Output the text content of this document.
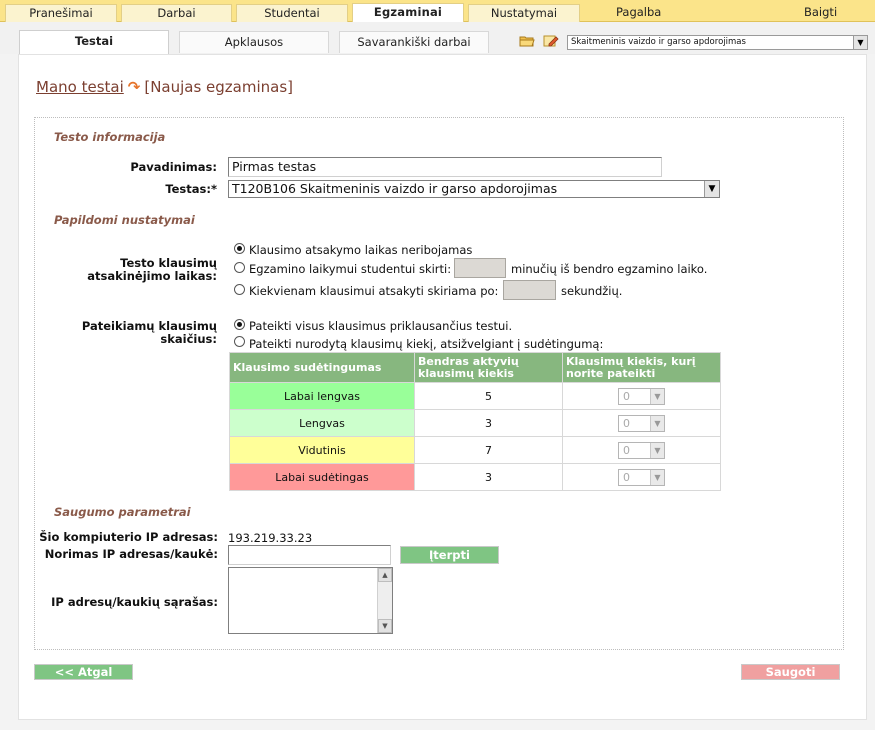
Pranešimai	Darbai	Studentai	Egzaminai	Nustatymai	Pagalba	Baigti
Testai	Apklausos	Savarankiški darbai	Skaitmeninis vaizdo ir garso apdorojimas	▼
Mano testai ↷ [Naujas egzaminas]
Testo informacija
Pavadinimas:	Pirmas testas
Testas:*	T120B106 Skaitmeninis vaizdo ir garso apdorojimas	▼
Papildomi nustatymai
Testo klausimų
atsakinėjimo laikas:
Klausimo atsakymo laikas neribojamas
Egzamino laikymui studentui skirti:	minučių iš bendro egzamino laiko.
Kiekvienam klausimui atsakyti skiriama po:	sekundžių.
Pateikiamų klausimų
skaičius:
Pateikti visus klausimus priklausančius testui.
Pateikti nurodytą klausimų kiekį, atsižvelgiant į sudėtingumą:
Klausimo sudėtingumas	Bendras aktyvių klausimų kiekis	Klausimų kiekis, kurį norite pateikti
Labai lengvas	5	0 ▼

Lengvas	3	0 ▼

Vidutinis	7	0 ▼

Labai sudėtingas	3	0 ▼
Saugumo parametrai
Šio kompiuterio IP adresas: 193.219.33.23
Norimas IP adresas/kaukė:	Įterpti
IP adresų/kaukių sąrašas:
▲
▼
<< Atgal	Saugoti
